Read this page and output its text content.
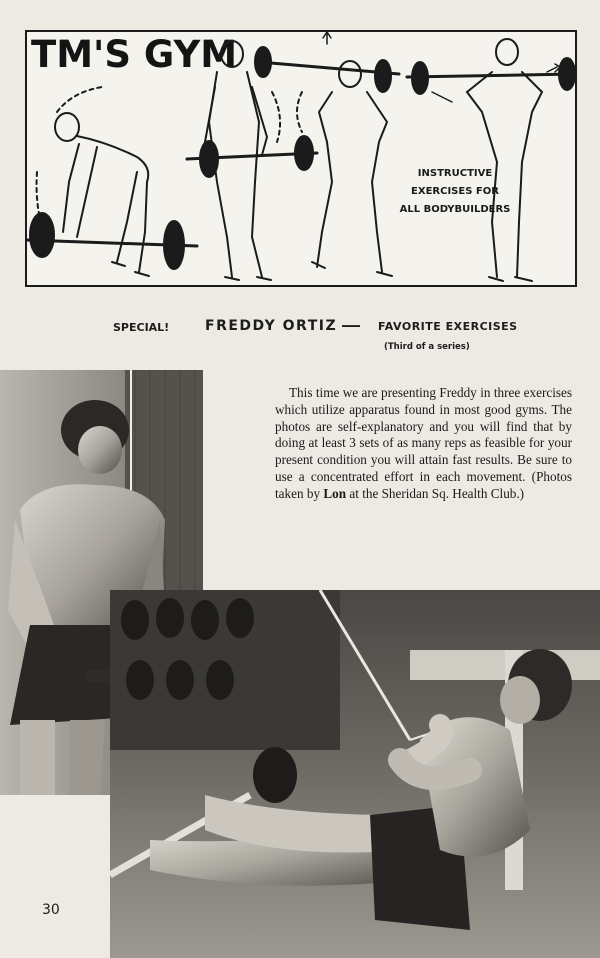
TM'S GYM
INSTRUCTIVE
EXERCISES FOR
ALL BODYBUILDERS
SPECIAL!	FREDDY ORTIZ — FAVORITE EXERCISES
(Third of a series)

This time we are presenting Freddy in three exercises which utilize apparatus found in most good gyms. The photos are self-explanatory and you will find that by doing at least 3 sets of as many reps as feasible for your present condition you will attain fast results. Be sure to use a concentrated effort in each movement. (Photos taken by Lon at the Sheridan Sq. Health Club.)

30
